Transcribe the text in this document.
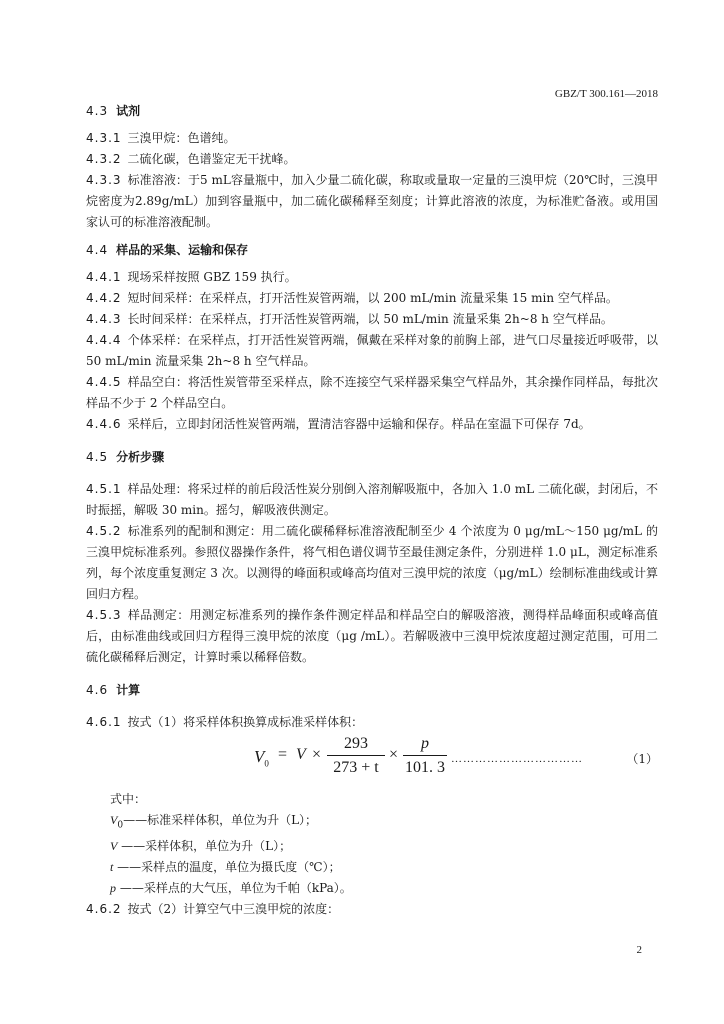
GBZ/T 300.161—2018

4.3 试剂

4.3.1 三溴甲烷：色谱纯。

4.3.2 二硫化碳，色谱鉴定无干扰峰。

4.3.3 标准溶液：于5 mL容量瓶中，加入少量二硫化碳，称取或量取一定量的三溴甲烷（20℃时，三溴甲烷密度为2.89g/mL）加到容量瓶中，加二硫化碳稀释至刻度；计算此溶液的浓度，为标准贮备液。或用国家认可的标准溶液配制。

4.4 样品的采集、运输和保存

4.4.1 现场采样按照 GBZ 159 执行。

4.4.2 短时间采样：在采样点，打开活性炭管两端，以 200 mL/min 流量采集 15 min 空气样品。

4.4.3 长时间采样：在采样点，打开活性炭管两端，以 50 mL/min 流量采集 2h~8 h 空气样品。

4.4.4 个体采样：在采样点，打开活性炭管两端，佩戴在采样对象的前胸上部，进气口尽量接近呼吸带，以 50 mL/min 流量采集 2h~8 h 空气样品。

4.4.5 样品空白：将活性炭管带至采样点，除不连接空气采样器采集空气样品外，其余操作同样品，每批次样品不少于 2 个样品空白。

4.4.6 采样后，立即封闭活性炭管两端，置清洁容器中运输和保存。样品在室温下可保存 7d。

4.5 分析步骤

4.5.1 样品处理：将采过样的前后段活性炭分别倒入溶剂解吸瓶中，各加入 1.0 mL 二硫化碳，封闭后，不时振摇，解吸 30 min。摇匀，解吸液供测定。

4.5.2 标准系列的配制和测定：用二硫化碳稀释标准溶液配制至少 4 个浓度为 0 μg/mL～150 μg/mL 的三溴甲烷标准系列。参照仪器操作条件，将气相色谱仪调节至最佳测定条件，分别进样 1.0 μL，测定标准系列，每个浓度重复测定 3 次。以测得的峰面积或峰高均值对三溴甲烷的浓度（μg/mL）绘制标准曲线或计算回归方程。

4.5.3 样品测定：用测定标准系列的操作条件测定样品和样品空白的解吸溶液，测得样品峰面积或峰高值后，由标准曲线或回归方程得三溴甲烷的浓度（μg /mL）。若解吸液中三溴甲烷浓度超过测定范围，可用二硫化碳稀释后测定，计算时乘以稀释倍数。

4.6 计算

4.6.1 按式（1）将采样体积换算成标准采样体积：

$V_0$
= $V \times \frac{293}{273 + t} \times \frac{p}{101. 3}$ ……………………………	（1）

式中：

$V_0——$标准采样体积，单位为升（L）；

V ——采样体积，单位为升（L）；

t ——采样点的温度，单位为摄氏度（℃）；

p ——采样点的大气压，单位为千帕（kPa）。

4.6.2 按式（2）计算空气中三溴甲烷的浓度：

2
